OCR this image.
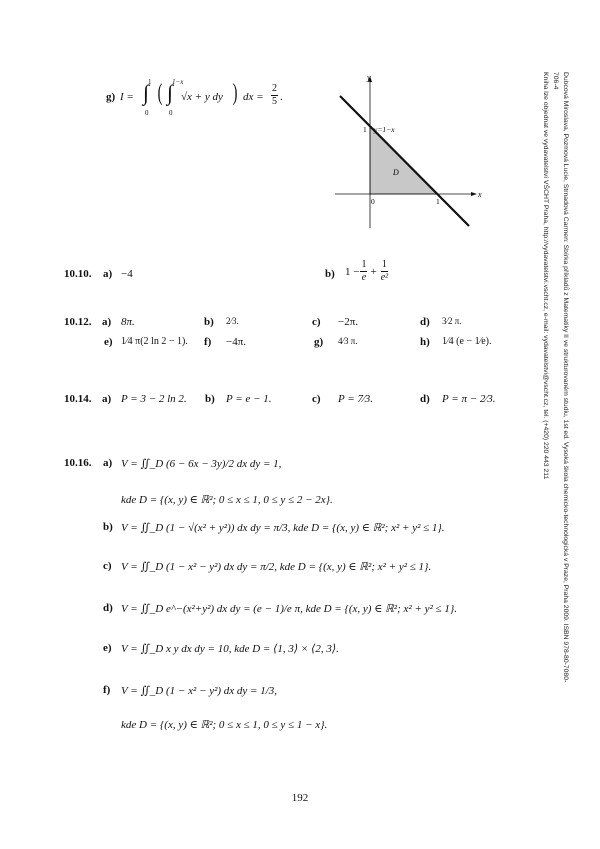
g) I = ∫
1
0
( ∫
1−x
0
√x + y dy ) dx = $\frac{2}{5}$ .
y
x
D
y=1−x
1
1
0
10.10. a) −4	b) $1 - \frac{1}{e} + \frac{1}{\text{e²}}$
10.12. a) 8π.	b) 2⁄3.	c) −2π.	d) 3⁄2 π.
e) 1⁄4 π(2 ln 2 − 1). f) −4π.	g) 4⁄3 π.	h) 1⁄4 (e − 1⁄e).
10.14. a) P = 3 − 2 ln 2. b) P = e − 1.	c) P = 7⁄3.	d) P = π − 2⁄3.
10.16. a) V = ∬_D (6 − 6x − 3y)/2 dx dy = 1,
kde D = {(x, y) ∈ ℝ²; 0 ≤ x ≤ 1, 0 ≤ y ≤ 2 − 2x}.
b) V = ∬_D (1 − √(x² + y²)) dx dy = π/3, kde D = {(x, y) ∈ ℝ²; x² + y² ≤ 1}.
c) V = ∬_D (1 − x² − y²) dx dy = π/2, kde D = {(x, y) ∈ ℝ²; x² + y² ≤ 1}.
d) V = ∬_D e^−(x²+y²) dx dy = (e − 1)/e π, kde D = {(x, y) ∈ ℝ²; x² + y² ≤ 1}.
e) V = ∬_D x y dx dy = 10, kde D = ⟨1, 3⟩ × ⟨2, 3⟩.
f) V = ∬_D (1 − x² − y²) dx dy = 1/3,
kde D = {(x, y) ∈ ℝ²; 0 ≤ x ≤ 1, 0 ≤ y ≤ 1 − x}.
192
Dubcová Miroslava, Pozmová Lucie, Strnadová Carmen: Sbírka příkladů z Matematiky II ve strukturovaném studiu, 1st ed. Vysoká škola chemicko-technologická v Praze, Praha 2009. ISBN 978-80-7080-706-4
Kniha lze objednat ve vydavatelství VŠCHT Praha, http://vydavatelstvi.vscht.cz, e-mail: vydavatelstvi@vscht.cz, tel. (+420) 220 443 211
